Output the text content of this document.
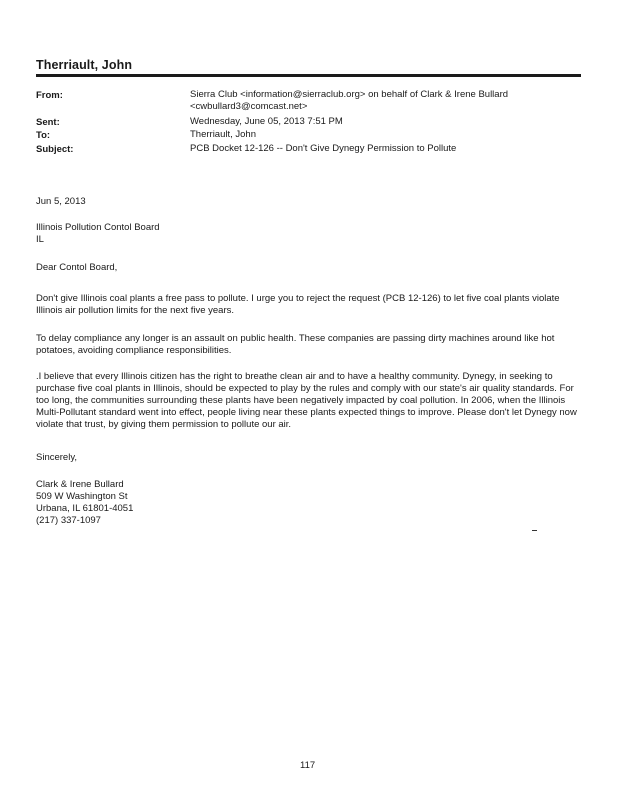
Therriault, John
From:	Sierra Club <information@sierraclub.org> on behalf of Clark & Irene Bullard
<cwbullard3@comcast.net>
Sent:	Wednesday, June 05, 2013 7:51 PM
To:	Therriault, John
Subject:	PCB Docket 12-126 -- Don't Give Dynegy Permission to Pollute
Jun 5, 2013
Illinois Pollution Contol Board
IL
Dear Contol Board,
Don't give Illinois coal plants a free pass to pollute. I urge you to reject the request (PCB 12-126) to let five coal plants violate Illinois air pollution limits for the next five years.
To delay compliance any longer is an assault on public health. These companies are passing dirty machines around like hot potatoes, avoiding compliance responsibilities.
.I believe that every Illinois citizen has the right to breathe clean air and to have a healthy community. Dynegy, in seeking to purchase five coal plants in Illinois, should be expected to play by the rules and comply with our state's air quality standards. For too long, the communities surrounding these plants have been negatively impacted by coal pollution. In 2006, when the Illinois Multi-Pollutant standard went into effect, people living near these plants expected things to improve. Please don't let Dynegy now violate that trust, by giving them permission to pollute our air.
Sincerely,
Clark & Irene Bullard
509 W Washington St
Urbana, IL 61801-4051
(217) 337-1097
117
